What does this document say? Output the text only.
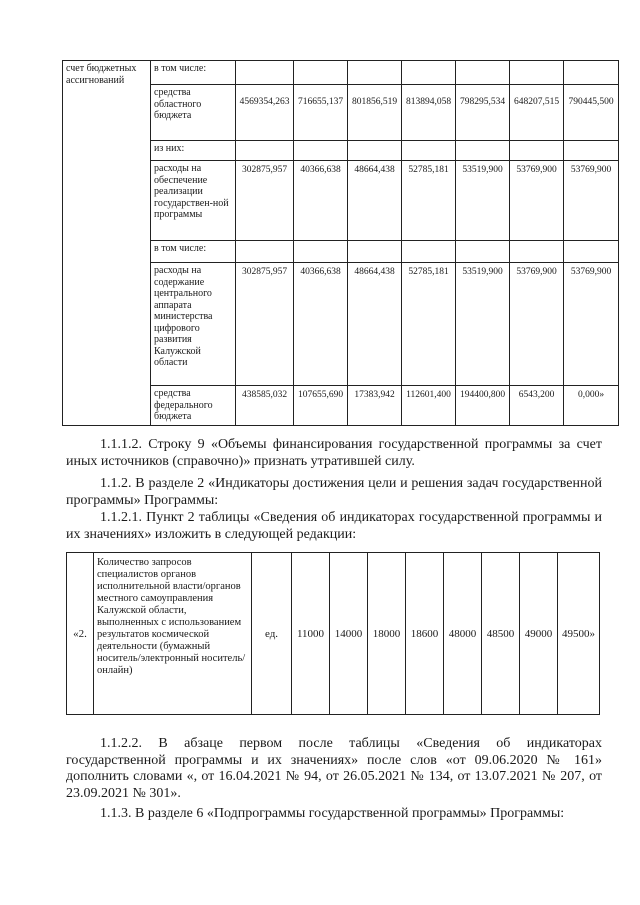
счет бюджетных ассигнований	в том числе:							
	средства областного бюджета	4569354,263	716655,137	801856,519	813894,058	798295,534	648207,515	790445,500
	из них:							
	расходы на обеспечение реализации государствен-ной программы	302875,957	40366,638	48664,438	52785,181	53519,900	53769,900	53769,900
	в том числе:							
	расходы на содержание центрального аппарата министерства цифрового развития Калужской области	302875,957	40366,638	48664,438	52785,181	53519,900	53769,900	53769,900
	средства федерального бюджета	438585,032	107655,690	17383,942	112601,400	194400,800	6543,200	0,000»

1.1.1.2. Строку 9 «Объемы финансирования государственной программы за счет иных источников (справочно)» признать утратившей силу.

1.1.2. В разделе 2 «Индикаторы достижения цели и решения задач государственной программы» Программы:

1.1.2.1. Пункт 2 таблицы «Сведения об индикаторах государственной программы и их значениях» изложить в следующей редакции:

«2.	Количество запросов специалистов органов исполнительной власти/органов местного самоуправления Калужской области, выполненных с использованием результатов космической деятельности (бумажный носитель/электронный носитель/онлайн)	ед.	11000	14000	18000	18600	48000	48500	49000	49500»

1.1.2.2. В абзаце первом после таблицы «Сведения об индикаторах государственной программы и их значениях» после слов «от 09.06.2020 № 161» дополнить словами «, от 16.04.2021 № 94, от 26.05.2021 № 134, от 13.07.2021 № 207, от 23.09.2021 № 301».

1.1.3. В разделе 6 «Подпрограммы государственной программы» Программы:
